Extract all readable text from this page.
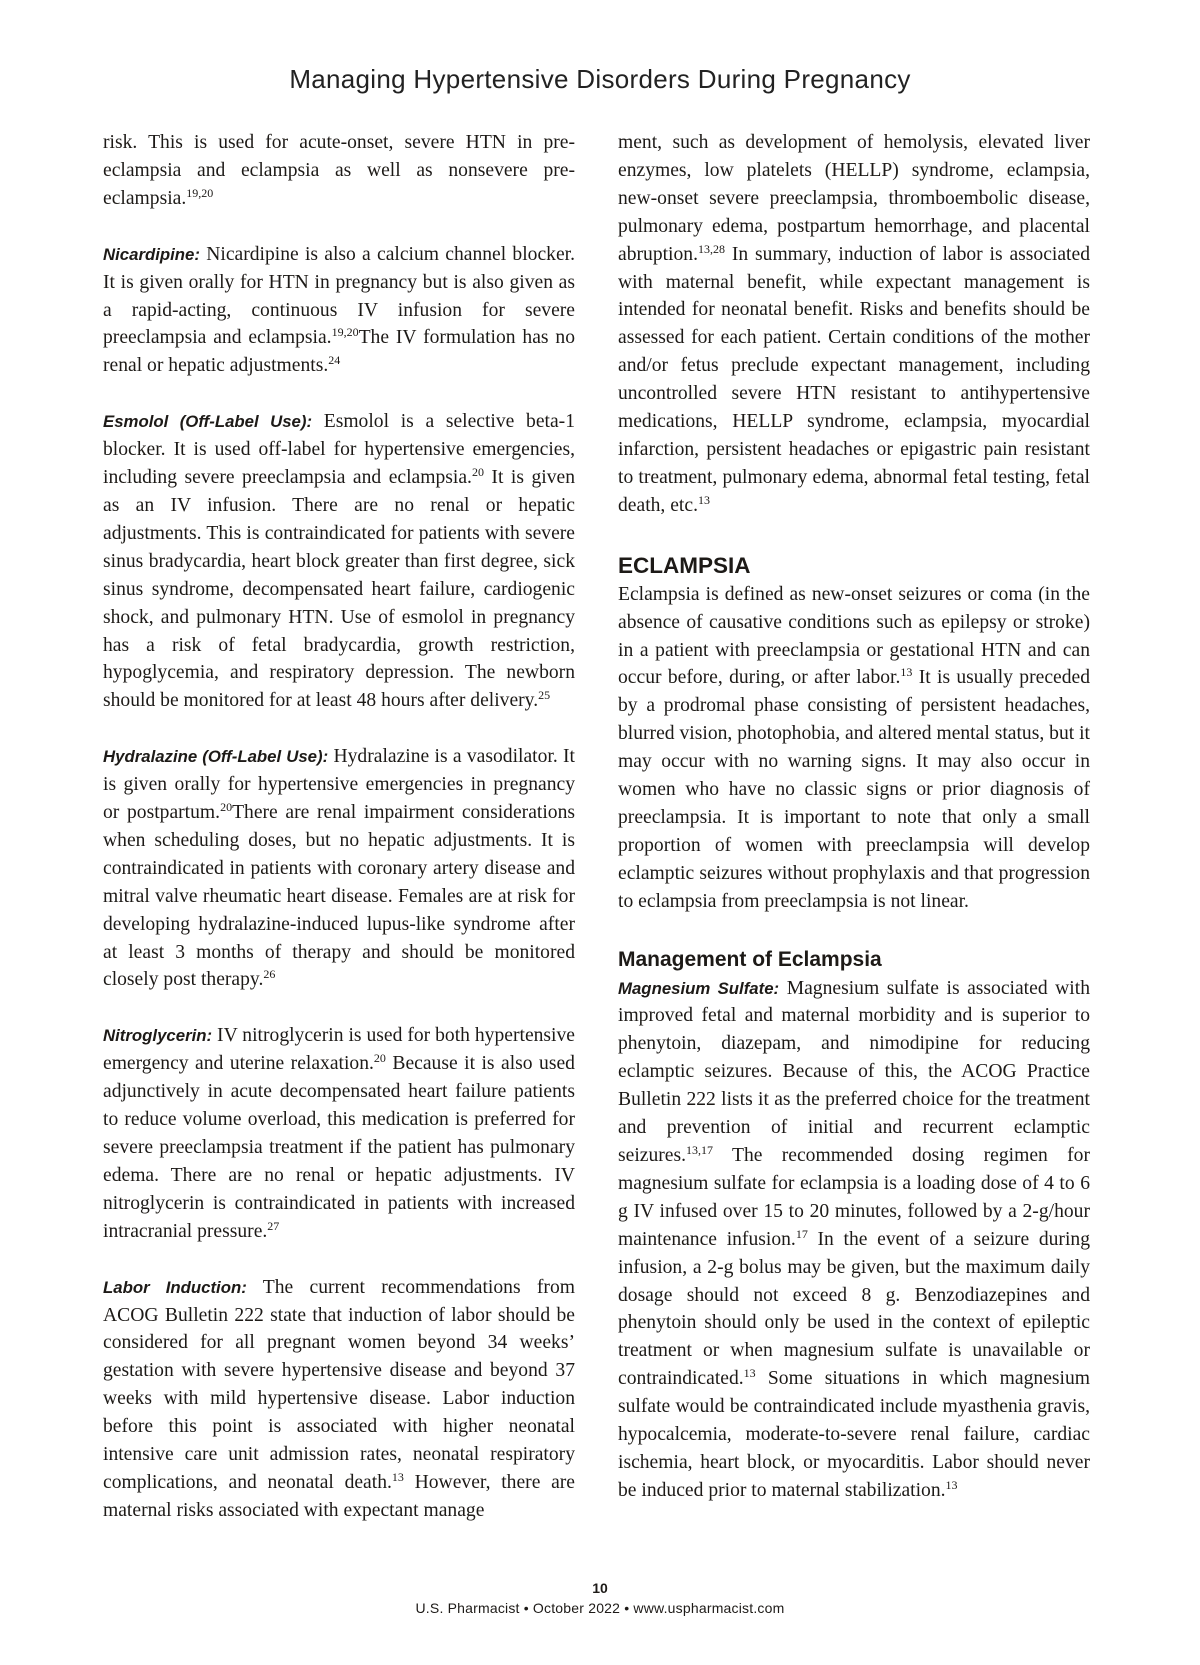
Managing Hypertensive Disorders During Pregnancy

risk. This is used for acute-onset, severe HTN in preeclampsia and eclampsia as well as nonsevere preeclampsia.$^{19,20}$

Nicardipine: Nicardipine is also a calcium channel blocker. It is given orally for HTN in pregnancy but is also given as a rapid-acting, continuous IV infusion for severe preeclampsia and eclampsia.$^{19,20}$The IV formulation has no renal or hepatic adjustments.$^{24}$

Esmolol (Off-Label Use): Esmolol is a selective beta-1 blocker. It is used off-label for hypertensive emergencies, including severe preeclampsia and eclampsia.$^{20}$ It is given as an IV infusion. There are no renal or hepatic adjustments. This is contraindicated for patients with severe sinus bradycardia, heart block greater than first degree, sick sinus syndrome, decompensated heart failure, cardiogenic shock, and pulmonary HTN. Use of esmolol in pregnancy has a risk of fetal bradycardia, growth restriction, hypoglycemia, and respiratory depression. The newborn should be monitored for at least 48 hours after delivery.$^{25}$

Hydralazine (Off-Label Use): Hydralazine is a vasodilator. It is given orally for hypertensive emergencies in pregnancy or postpartum.$^{20}$There are renal impairment considerations when scheduling doses, but no hepatic adjustments. It is contraindicated in patients with coronary artery disease and mitral valve rheumatic heart disease. Females are at risk for developing hydralazine-induced lupus-like syndrome after at least 3 months of therapy and should be monitored closely post therapy.$^{26}$

Nitroglycerin: IV nitroglycerin is used for both hypertensive emergency and uterine relaxation.$^{20}$ Because it is also used adjunctively in acute decompensated heart failure patients to reduce volume overload, this medication is preferred for severe preeclampsia treatment if the patient has pulmonary edema. There are no renal or hepatic adjustments. IV nitroglycerin is contraindicated in patients with increased intracranial pressure.$^{27}$

Labor Induction: The current recommendations from ACOG Bulletin 222 state that induction of labor should be considered for all pregnant women beyond 34 weeks’ gestation with severe hypertensive disease and beyond 37 weeks with mild hypertensive disease. Labor induction before this point is associated with higher neonatal intensive care unit admission rates, neonatal respiratory complications, and neonatal death.$^{13}$ However, there are maternal risks associated with expectant manage

ment, such as development of hemolysis, elevated liver enzymes, low platelets (HELLP) syndrome, eclampsia, new-onset severe preeclampsia, thromboembolic disease, pulmonary edema, postpartum hemorrhage, and placental abruption.$^{13,28}$ In summary, induction of labor is associated with maternal benefit, while expectant management is intended for neonatal benefit. Risks and benefits should be assessed for each patient. Certain conditions of the mother and/or fetus preclude expectant management, including uncontrolled severe HTN resistant to antihypertensive medications, HELLP syndrome, eclampsia, myocardial infarction, persistent headaches or epigastric pain resistant to treatment, pulmonary edema, abnormal fetal testing, fetal death, etc.$^{13}$

ECLAMPSIA

Eclampsia is defined as new-onset seizures or coma (in the absence of causative conditions such as epilepsy or stroke) in a patient with preeclampsia or gestational HTN and can occur before, during, or after labor.$^{13}$ It is usually preceded by a prodromal phase consisting of persistent headaches, blurred vision, photophobia, and altered mental status, but it may occur with no warning signs. It may also occur in women who have no classic signs or prior diagnosis of preeclampsia. It is important to note that only a small proportion of women with preeclampsia will develop eclamptic seizures without prophylaxis and that progression to eclampsia from preeclampsia is not linear.

Management of Eclampsia

Magnesium Sulfate: Magnesium sulfate is associated with improved fetal and maternal morbidity and is superior to phenytoin, diazepam, and nimodipine for reducing eclamptic seizures. Because of this, the ACOG Practice Bulletin 222 lists it as the preferred choice for the treatment and prevention of initial and recurrent eclamptic seizures.$^{13,17}$ The recommended dosing regimen for magnesium sulfate for eclampsia is a loading dose of 4 to 6 g IV infused over 15 to 20 minutes, followed by a 2-g/hour maintenance infusion.$^{17}$ In the event of a seizure during infusion, a 2-g bolus may be given, but the maximum daily dosage should not exceed 8 g. Benzodiazepines and phenytoin should only be used in the context of epileptic treatment or when magnesium sulfate is unavailable or contraindicated.$^{13}$ Some situations in which magnesium sulfate would be contraindicated include myasthenia gravis, hypocalcemia, moderate-to-severe renal failure, cardiac ischemia, heart block, or myocarditis. Labor should never be induced prior to maternal stabilization.$^{13}$

10
U.S. Pharmacist • October 2022 • www.uspharmacist.com
